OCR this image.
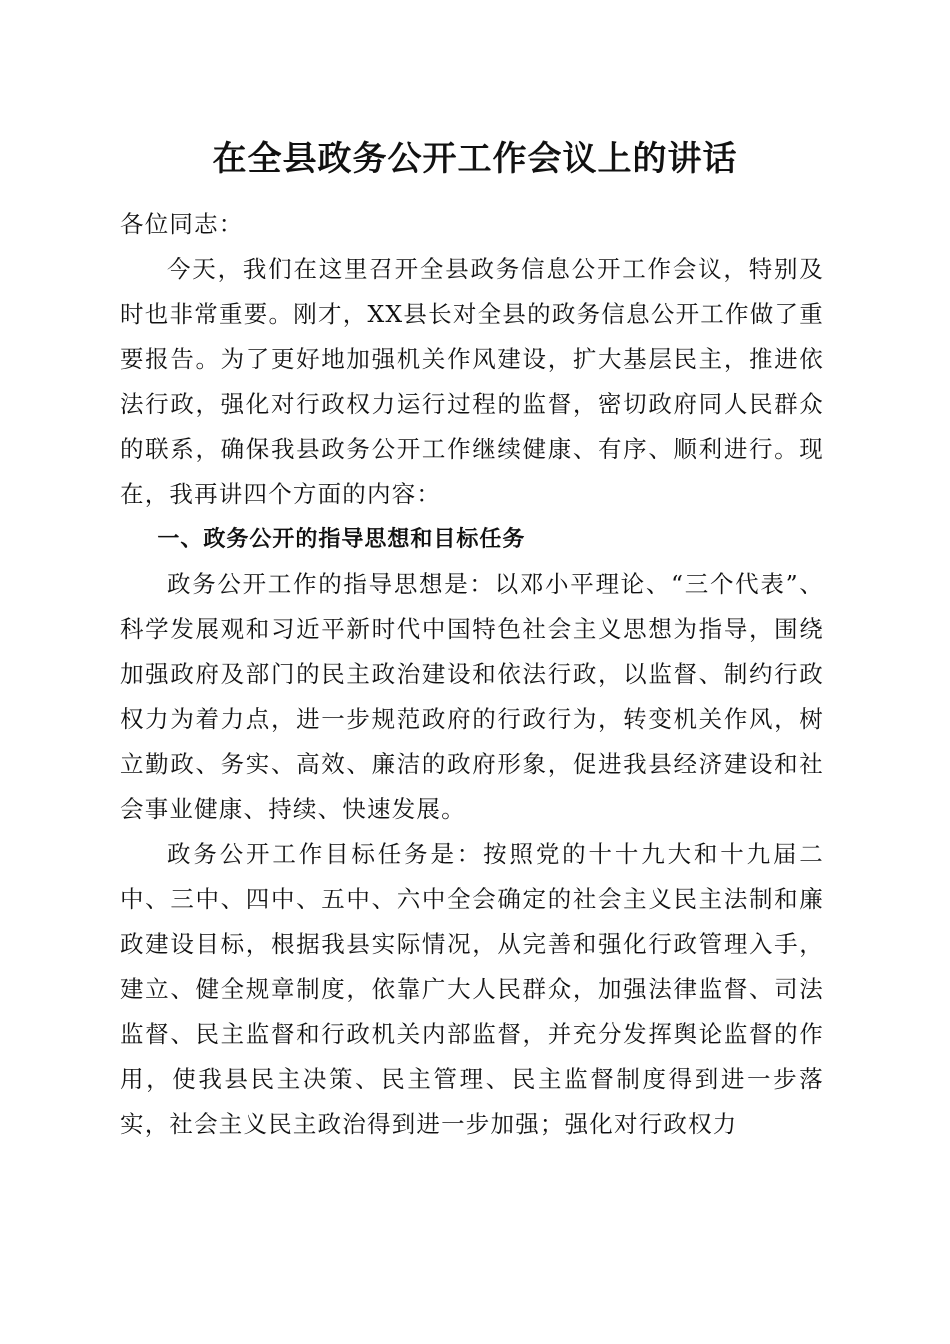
在全县政务公开工作会议上的讲话

各位同志：

今天，我们在这里召开全县政务信息公开工作会议，特别及时也非常重要。刚才，XX县长对全县的政务信息公开工作做了重要报告。为了更好地加强机关作风建设，扩大基层民主，推进依法行政，强化对行政权力运行过程的监督，密切政府同人民群众的联系，确保我县政务公开工作继续健康、有序、顺利进行。现在，我再讲四个方面的内容：

一、政务公开的指导思想和目标任务

政务公开工作的指导思想是：以邓小平理论、“三个代表”、科学发展观和习近平新时代中国特色社会主义思想为指导，围绕加强政府及部门的民主政治建设和依法行政，以监督、制约行政权力为着力点，进一步规范政府的行政行为，转变机关作风，树立勤政、务实、高效、廉洁的政府形象，促进我县经济建设和社会事业健康、持续、快速发展。

政务公开工作目标任务是：按照党的十十九大和十九届二中、三中、四中、五中、六中全会确定的社会主义民主法制和廉政建设目标，根据我县实际情况，从完善和强化行政管理入手，建立、健全规章制度，依靠广大人民群众，加强法律监督、司法监督、民主监督和行政机关内部监督，并充分发挥舆论监督的作用，使我县民主决策、民主管理、民主监督制度得到进一步落实，社会主义民主政治得到进一步加强；强化对行政权力
